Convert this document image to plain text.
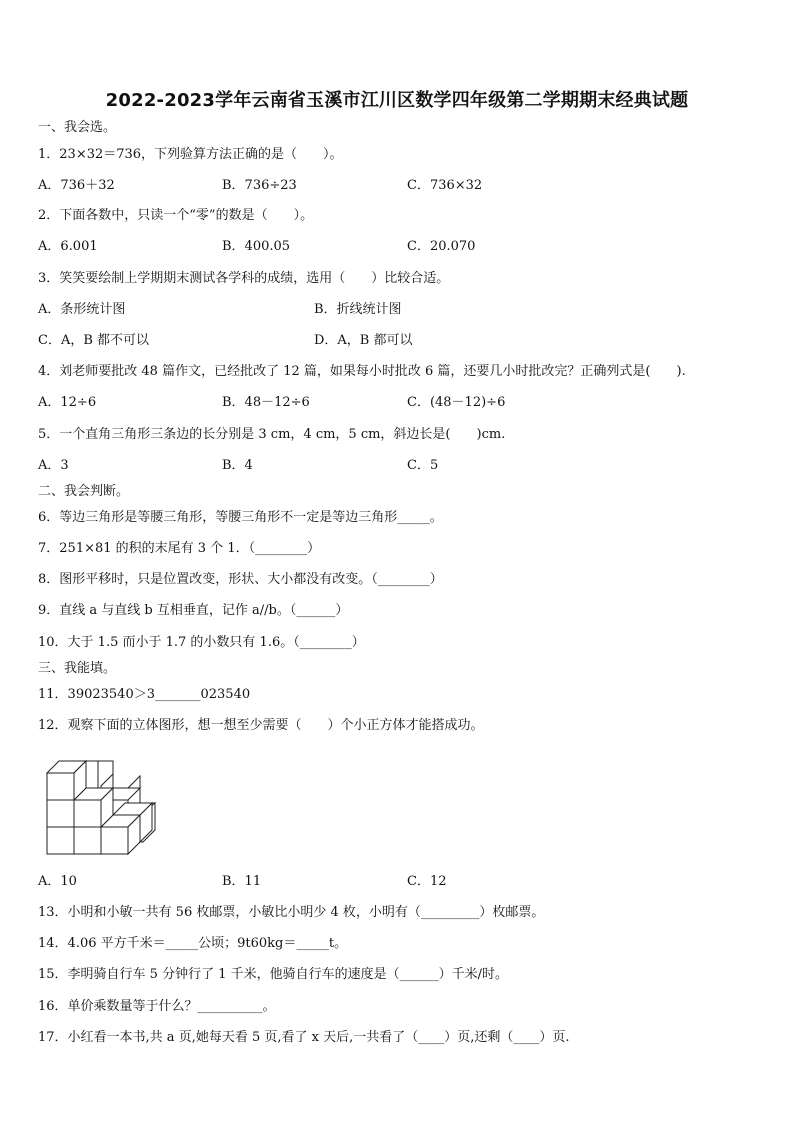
2022-2023学年云南省玉溪市江川区数学四年级第二学期期末经典试题
一、我会选。
1．23×32＝736，下列验算方法正确的是（　　）。
A．736＋32	B．736÷23	C．736×32
2．下面各数中，只读一个“零”的数是（　　）。
A．6.001	B．400.05	C．20.070
3．笑笑要绘制上学期期末测试各学科的成绩，选用（　　）比较合适。
A．条形统计图	B．折线统计图
C．A，B 都不可以	D．A，B 都可以
4．刘老师要批改 48 篇作文，已经批改了 12 篇，如果每小时批改 6 篇，还要几小时批改完？正确列式是(　　).
A．12÷6	B．48－12÷6	C．(48－12)÷6
5．一个直角三角形三条边的长分别是 3 cm，4 cm，5 cm，斜边长是(　　)cm.
A．3	B．4	C．5
二、我会判断。
6．等边三角形是等腰三角形，等腰三角形不一定是等边三角形_____。
7．251×81 的积的末尾有 3 个 1．（________）
8．图形平移时，只是位置改变，形状、大小都没有改变。（________）
9．直线 a 与直线 b 互相垂直，记作 a//b。（______）
10．大于 1.5 而小于 1.7 的小数只有 1.6。（________）
三、我能填。
11．39023540＞3_______023540
12．观察下面的立体图形，想一想至少需要（　　）个小正方体才能搭成功。
A．10	B．11	C．12
13．小明和小敏一共有 56 枚邮票，小敏比小明少 4 枚，小明有（_________）枚邮票。
14．4.06 平方千米＝_____公顷；9t60kg＝_____t。
15．李明骑自行车 5 分钟行了 1 千米，他骑自行车的速度是（______）千米/时。
16．单价乘数量等于什么？__________。
17．小红看一本书,共 a 页,她每天看 5 页,看了 x 天后,一共看了（____）页,还剩（____）页.
